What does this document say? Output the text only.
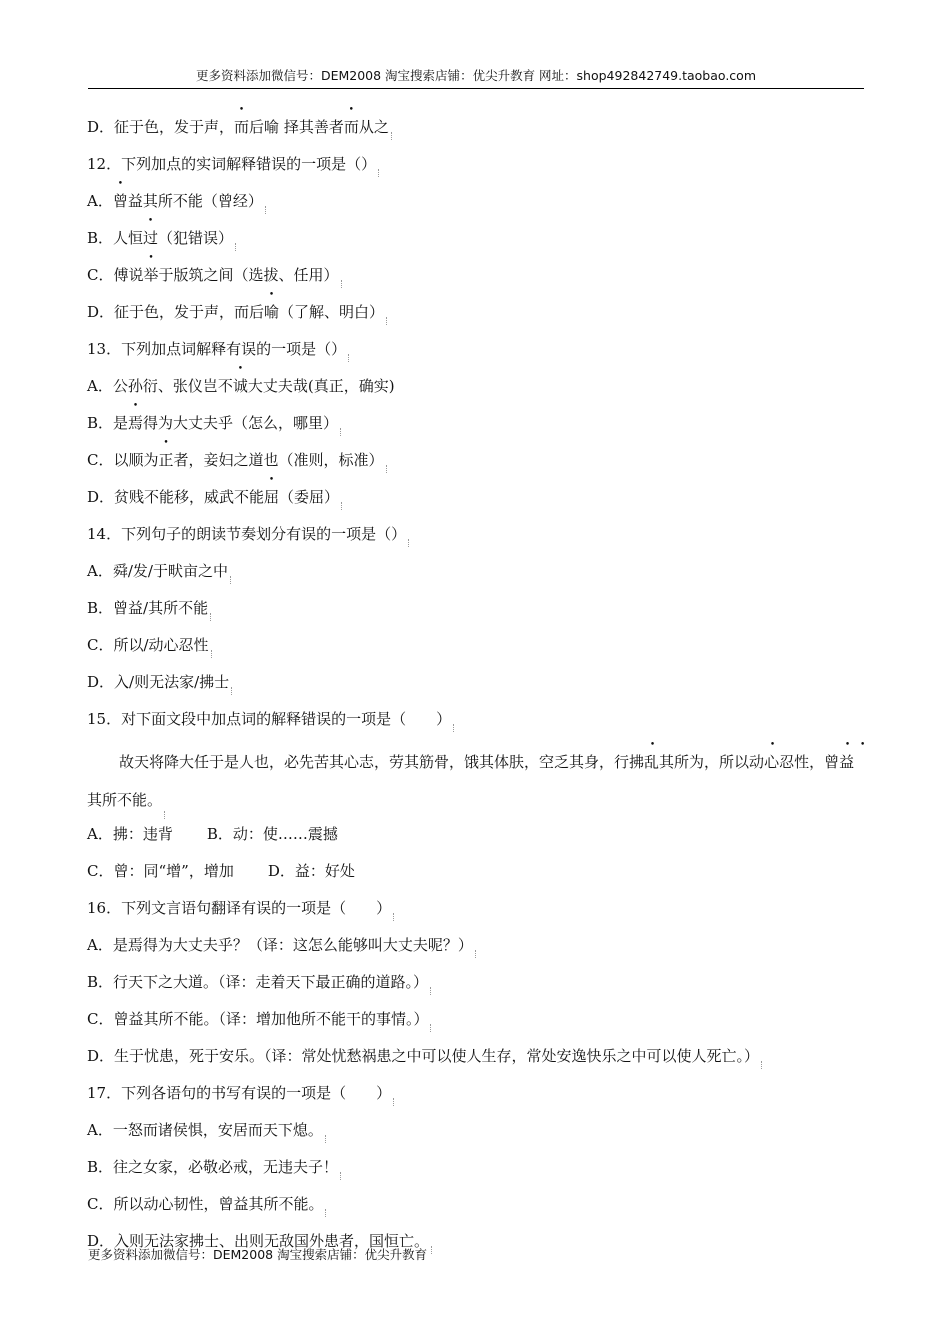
更多资料添加微信号：DEM2008 淘宝搜索店铺：优尖升教育 网址：shop492842749.taobao.com
D．征于色，发于声，而后喻 择其善者而从之
12．下列加点的实词解释错误的一项是（）
A．曾益其所不能（曾经）
B．人恒过（犯错误）
C．傅说举于版筑之间（选拔、任用）
D．征于色，发于声，而后喻（了解、明白）
13．下列加点词解释有误的一项是（）
A．公孙衍、张仪岂不诚大丈夫哉(真正，确实)
B．是焉得为大丈夫乎（怎么，哪里）
C．以顺为正者，妾妇之道也（准则，标准）
D．贫贱不能移，威武不能屈（委屈）
14．下列句子的朗读节奏划分有误的一项是（）
A．舜/发/于畎亩之中
B．曾益/其所不能
C．所以/动心忍性
D．入/则无法家/拂士
15．对下面文段中加点词的解释错误的一项是（　　）
故天将降大任于是人也，必先苦其心志，劳其筋骨，饿其体肤，空乏其身，行拂乱其所为，所以动心忍性，曾益其所不能。
A．拂：违背 B．动：使……震撼
C．曾：同“增”，增加 D．益：好处
16．下列文言语句翻译有误的一项是（　　）
A．是焉得为大丈夫乎？（译：这怎么能够叫大丈夫呢？）
B．行天下之大道。（译：走着天下最正确的道路。）
C．曾益其所不能。（译：增加他所不能干的事情。）
D．生于忧患，死于安乐。（译：常处忧愁祸患之中可以使人生存，常处安逸快乐之中可以使人死亡。）
17．下列各语句的书写有误的一项是（　　）
A．一怒而诸侯惧，安居而天下熄。
B．往之女家，必敬必戒，无违夫子！
C．所以动心韧性，曾益其所不能。
D．入则无法家拂士、出则无敌国外患者，国恒亡。
更多资料添加微信号：DEM2008 淘宝搜索店铺：优尖升教育
